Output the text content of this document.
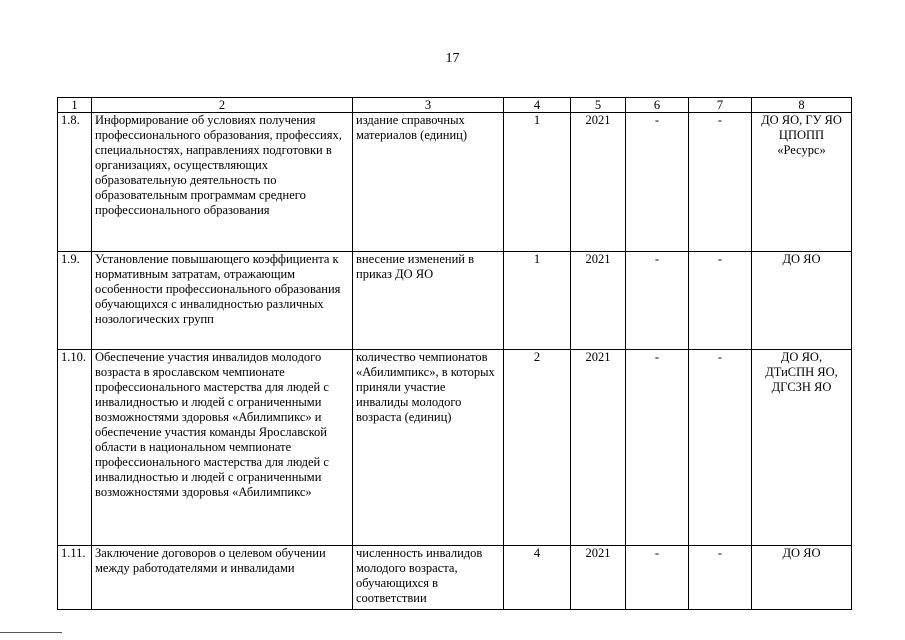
17
1	2	3	4	5	6	7	8
1.8.	Информирование об условиях получения профессионального образования, профессиях, специальностях, направлениях подготовки в организациях, осуществляющих образовательную деятельность по образовательным программам среднего профессионального образования	издание справочных материалов (единиц)	1	2021	-	-	ДО ЯО, ГУ ЯО ЦПОПП «Ресурс»
1.9.	Установление повышающего коэффициента к нормативным затратам, отражающим особенности профессионального образования обучающихся с инвалидностью различных нозологических групп	внесение изменений в приказ ДО ЯО	1	2021	-	-	ДО ЯО
1.10.	Обеспечение участия инвалидов молодого возраста в ярославском чемпионате профессионального мастерства для людей с инвалидностью и людей с ограниченными возможностями здоровья «Абилимпикс» и обеспечение участия команды Ярославской области в национальном чемпионате профессионального мастерства для людей с инвалидностью и людей с ограниченными возможностями здоровья «Абилимпикс»	количество чемпионатов «Абилимпикс», в которых приняли участие инвалиды молодого возраста (единиц)	2	2021	-	-	ДО ЯО, ДТиСПН ЯО, ДГСЗН ЯО
1.11.	Заключение договоров о целевом обучении между работодателями и инвалидами	численность инвалидов молодого возраста, обучающихся в соответствии	4	2021	-	-	ДО ЯО
